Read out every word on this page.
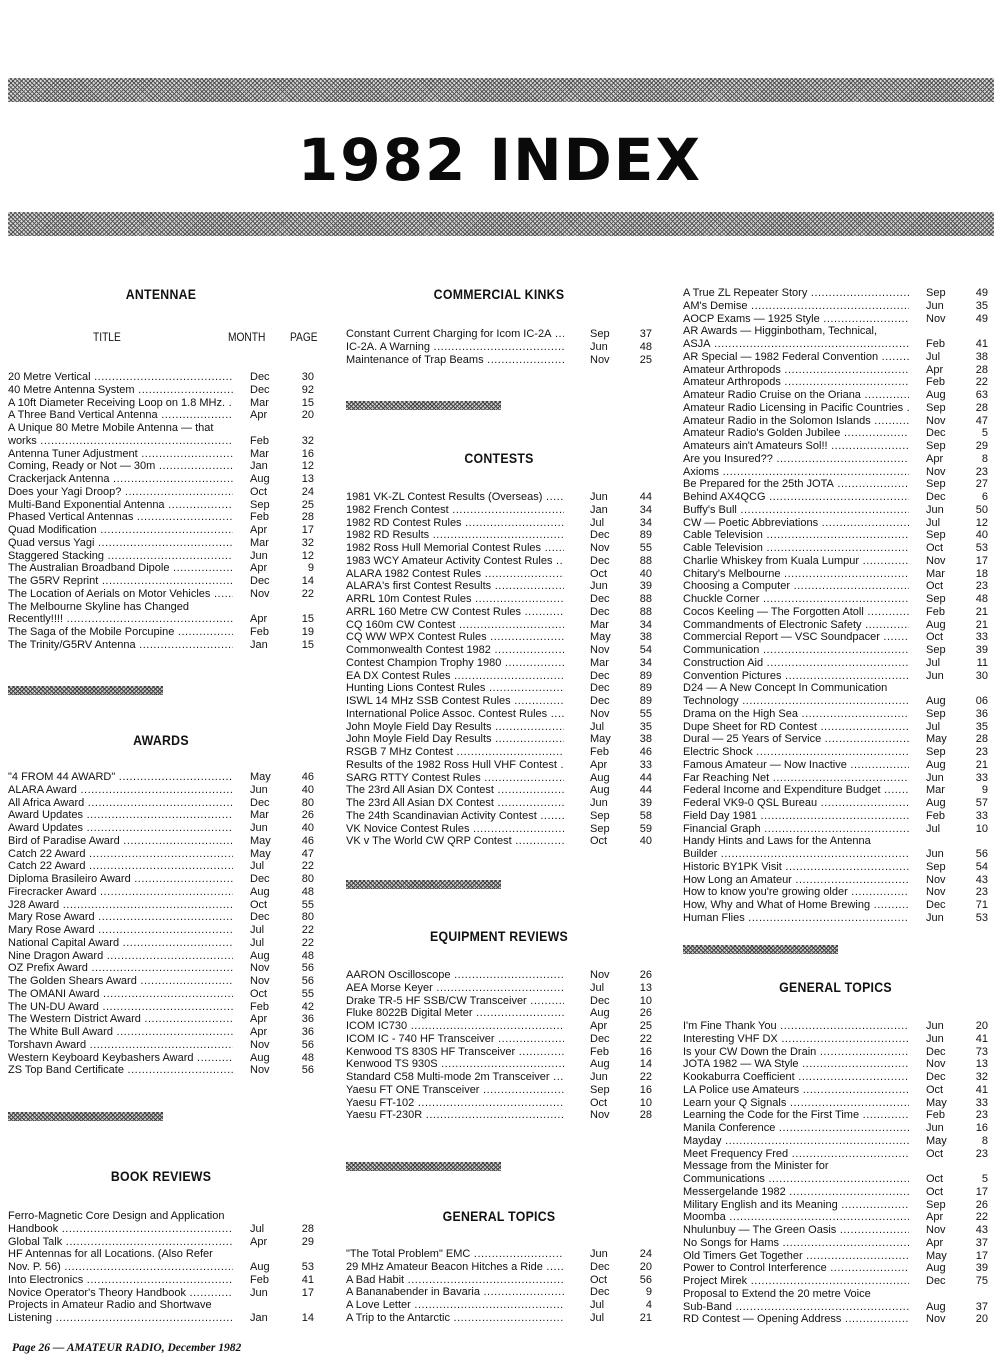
1982 INDEX
ANTENNAE
TITLE	MONTH PAGE
20 Metre Vertical .....	Dec	30
40 Metre Antenna System .....	Dec	92
A 10ft Diameter Receiving Loop on 1.8 MHz. .....	Mar	15
A Three Band Vertical Antenna .....	Apr	20
A Unique 80 Metre Mobile Antenna — that
works .....	Feb	32
Antenna Tuner Adjustment .....	Mar	16
Coming, Ready or Not — 30m .....	Jan	12
Crackerjack Antenna .....	Aug	13
Does your Yagi Droop? .....	Oct	24
Multi-Band Exponential Antenna .....	Sep	25
Phased Vertical Antennas .....	Feb	28
Quad Modification .....	Apr	17
Quad versus Yagi .....	Mar	32
Staggered Stacking .....	Jun	12
The Australian Broadband Dipole .....	Apr	9
The G5RV Reprint .....	Dec	14
The Location of Aerials on Motor Vehicles .....	Nov	22
The Melbourne Skyline has Changed
Recently!!!! .....	Apr	15
The Saga of the Mobile Porcupine .....	Feb	19
The Trinity/G5RV Antenna .....	Jan	15
AWARDS
"4 FROM 44 AWARD" .....	May	46
ALARA Award .....	Jun	40
All Africa Award .....	Dec	80
Award Updates .....	Mar	26
Award Updates .....	Jun	40
Bird of Paradise Award .....	May	46
Catch 22 Award .....	May	47
Catch 22 Award .....	Jul	22
Diploma Brasileiro Award .....	Dec	80
Firecracker Award .....	Aug	48
J28 Award .....	Oct	55
Mary Rose Award .....	Dec	80
Mary Rose Award .....	Jul	22
National Capital Award .....	Jul	22
Nine Dragon Award .....	Aug	48
OZ Prefix Award .....	Nov	56
The Golden Shears Award .....	Nov	56
The OMANI Award .....	Oct	55
The UN-DU Award .....	Feb	42
The Western District Award .....	Apr	36
The White Bull Award .....	Apr	36
Torshavn Award .....	Nov	56
Western Keyboard Keybashers Award .....	Aug	48
ZS Top Band Certificate .....	Nov	56
BOOK REVIEWS
Ferro-Magnetic Core Design and Application
Handbook .....	Jul	28
Global Talk .....	Apr	29
HF Antennas for all Locations. (Also Refer
Nov. P. 56) .....	Aug	53
Into Electronics .....	Feb	41
Novice Operator's Theory Handbook .....	Jun	17
Projects in Amateur Radio and Shortwave
Listening .....	Jan	14
COMMERCIAL KINKS
Constant Current Charging for Icom IC-2A .....	Sep	37
IC-2A. A Warning .....	Jun	48
Maintenance of Trap Beams .....	Nov	25
CONTESTS
1981 VK-ZL Contest Results (Overseas) .....	Jun	44
1982 French Contest .....	Jan	34
1982 RD Contest Rules .....	Jul	34
1982 RD Results .....	Dec	89
1982 Ross Hull Memorial Contest Rules .....	Nov	55
1983 WCY Amateur Activity Contest Rules .....	Dec	88
ALARA 1982 Contest Rules .....	Oct	40
ALARA's first Contest Results .....	Jun	39
ARRL 10m Contest Rules .....	Dec	88
ARRL 160 Metre CW Contest Rules .....	Dec	88
CQ 160m CW Contest .....	Mar	34
CQ WW WPX Contest Rules .....	May	38
Commonwealth Contest 1982 .....	Nov	54
Contest Champion Trophy 1980 .....	Mar	34
EA DX Contest Rules .....	Dec	89
Hunting Lions Contest Rules .....	Dec	89
ISWL 14 MHz SSB Contest Rules .....	Dec	89
International Police Assoc. Contest Rules .....	Nov	55
John Moyle Field Day Results .....	Jul	35
John Moyle Field Day Results .....	May	38
RSGB 7 MHz Contest .....	Feb	46
Results of the 1982 Ross Hull VHF Contest .....	Apr	33
SARG RTTY Contest Rules .....	Aug	44
The 23rd All Asian DX Contest .....	Aug	44
The 23rd All Asian DX Contest .....	Jun	39
The 24th Scandinavian Activity Contest .....	Sep	58
VK Novice Contest Rules .....	Sep	59
VK v The World CW QRP Contest .....	Oct	40
EQUIPMENT REVIEWS
AARON Oscilloscope .....	Nov	26
AEA Morse Keyer .....	Jul	13
Drake TR-5 HF SSB/CW Transceiver .....	Dec	10
Fluke 8022B Digital Meter .....	Aug	26
ICOM IC730 .....	Apr	25
ICOM IC - 740 HF Transceiver .....	Dec	22
Kenwood TS 830S HF Transceiver .....	Feb	16
Kenwood TS 930S .....	Aug	14
Standard C58 Multi-mode 2m Transceiver .....	Jun	22
Yaesu FT ONE Transceiver .....	Sep	16
Yaesu FT-102 .....	Oct	10
Yaesu FT-230R .....	Nov	28
GENERAL TOPICS
"The Total Problem" EMC .....	Jun	24
29 MHz Amateur Beacon Hitches a Ride .....	Dec	20
A Bad Habit .....	Oct	56
A Bananabender in Bavaria .....	Dec	9
A Love Letter .....	Jul	4
A Trip to the Antarctic .....	Jul	21
A True ZL Repeater Story .....	Sep	49
AM's Demise .....	Jun	35
AOCP Exams — 1925 Style .....	Nov	49
AR Awards — Higginbotham, Technical,
ASJA .....	Feb	41
AR Special — 1982 Federal Convention .....	Jul	38
Amateur Arthropods .....	Apr	28
Amateur Arthropods .....	Feb	22
Amateur Radio Cruise on the Oriana .....	Aug	63
Amateur Radio Licensing in Pacific Countries .....	Sep	28
Amateur Radio in the Solomon Islands .....	Nov	47
Amateur Radio's Golden Jubilee .....	Dec	5
Amateurs ain't Amateurs Sol!! .....	Sep	29
Are you Insured?? .....	Apr	8
Axioms .....	Nov	23
Be Prepared for the 25th JOTA .....	Sep	27
Behind AX4QCG .....	Dec	6
Buffy's Bull .....	Jun	50
CW — Poetic Abbreviations .....	Jul	12
Cable Television .....	Sep	40
Cable Television .....	Oct	53
Charlie Whiskey from Kuala Lumpur .....	Nov	17
Chitary's Melbourne .....	Mar	18
Choosing a Computer .....	Oct	23
Chuckle Corner .....	Sep	48
Cocos Keeling — The Forgotten Atoll .....	Feb	21
Commandments of Electronic Safety .....	Aug	21
Commercial Report — VSC Soundpacer .....	Oct	33
Communication .....	Sep	39
Construction Aid .....	Jul	11
Convention Pictures .....	Jun	30
D24 — A New Concept In Communication
Technology .....	Aug	06
Drama on the High Sea .....	Sep	36
Dupe Sheet for RD Contest .....	Jul	35
Dural — 25 Years of Service .....	May	28
Electric Shock .....	Sep	23
Famous Amateur — Now Inactive .....	Aug	21
Far Reaching Net .....	Jun	33
Federal Income and Expenditure Budget .....	Mar	9
Federal VK9-0 QSL Bureau .....	Aug	57
Field Day 1981 .....	Feb	33
Financial Graph .....	Jul	10
Handy Hints and Laws for the Antenna
Builder .....	Jun	56
Historic BY1PK Visit .....	Sep	54
How Long an Amateur .....	Nov	43
How to know you're growing older .....	Nov	23
How, Why and What of Home Brewing .....	Dec	71
Human Flies .....	Jun	53
GENERAL TOPICS
I'm Fine Thank You .....	Jun	20
Interesting VHF DX .....	Jun	41
Is your CW Down the Drain .....	Dec	73
JOTA 1982 — WA Style .....	Nov	13
Kookaburra Coefficient .....	Dec	32
LA Police use Amateurs .....	Oct	41
Learn your Q Signals .....	May	33
Learning the Code for the First Time .....	Feb	23
Manila Conference .....	Jun	16
Mayday .....	May	8
Meet Frequency Fred .....	Oct	23
Message from the Minister for
Communications .....	Oct	5
Messergelande 1982 .....	Oct	17
Military English and its Meaning .....	Sep	26
Moomba .....	Apr	22
Nhulunbuy — The Green Oasis .....	Nov	43
No Songs for Hams .....	Apr	37
Old Timers Get Together .....	May	17
Power to Control Interference .....	Aug	39
Project Mirek .....	Dec	75
Proposal to Extend the 20 metre Voice
Sub-Band .....	Aug	37
RD Contest — Opening Address .....	Nov	20
Page 26 — AMATEUR RADIO, December 1982
